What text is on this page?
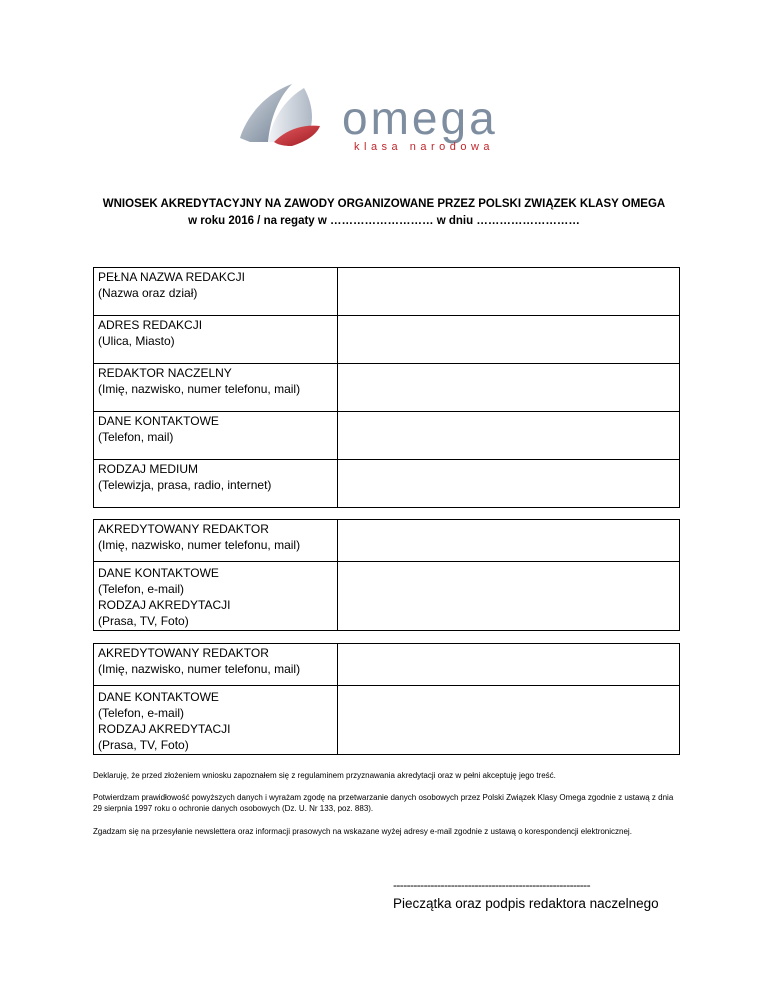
omega
klasa narodowa
WNIOSEK AKREDYTACYJNY NA ZAWODY ORGANIZOWANE PRZEZ POLSKI ZWIĄZEK KLASY OMEGA
w roku 2016 / na regaty w ……………………… w dniu ………………………
PEŁNA NAZWA REDAKCJI
(Nazwa oraz dział)	

ADRES REDAKCJI
(Ulica, Miasto)	

REDAKTOR NACZELNY
(Imię, nazwisko, numer telefonu, mail)	

DANE KONTAKTOWE
(Telefon, mail)	

RODZAJ MEDIUM
(Telewizja, prasa, radio, internet)	

AKREDYTOWANY REDAKTOR
(Imię, nazwisko, numer telefonu, mail)	

DANE KONTAKTOWE
(Telefon, e-mail)
RODZAJ AKREDYTACJI
(Prasa, TV, Foto)	

AKREDYTOWANY REDAKTOR
(Imię, nazwisko, numer telefonu, mail)	

DANE KONTAKTOWE
(Telefon, e-mail)
RODZAJ AKREDYTACJI
(Prasa, TV, Foto)	

Deklaruję, że przed złożeniem wniosku zapoznałem się z regulaminem przyznawania akredytacji oraz w pełni akceptuję jego treść.
Potwierdzam prawidłowość powyższych danych i wyrażam zgodę na przetwarzanie danych osobowych przez Polski Związek Klasy Omega zgodnie z ustawą z dnia 29 sierpnia 1997 roku o ochronie danych osobowych (Dz. U. Nr 133, poz. 883).
Zgadzam się na przesyłanie newslettera oraz informacji prasowych na wskazane wyżej adresy e-mail zgodnie z ustawą o korespondencji elektronicznej.
----------------------------------------------------------
Pieczątka oraz podpis redaktora naczelnego
